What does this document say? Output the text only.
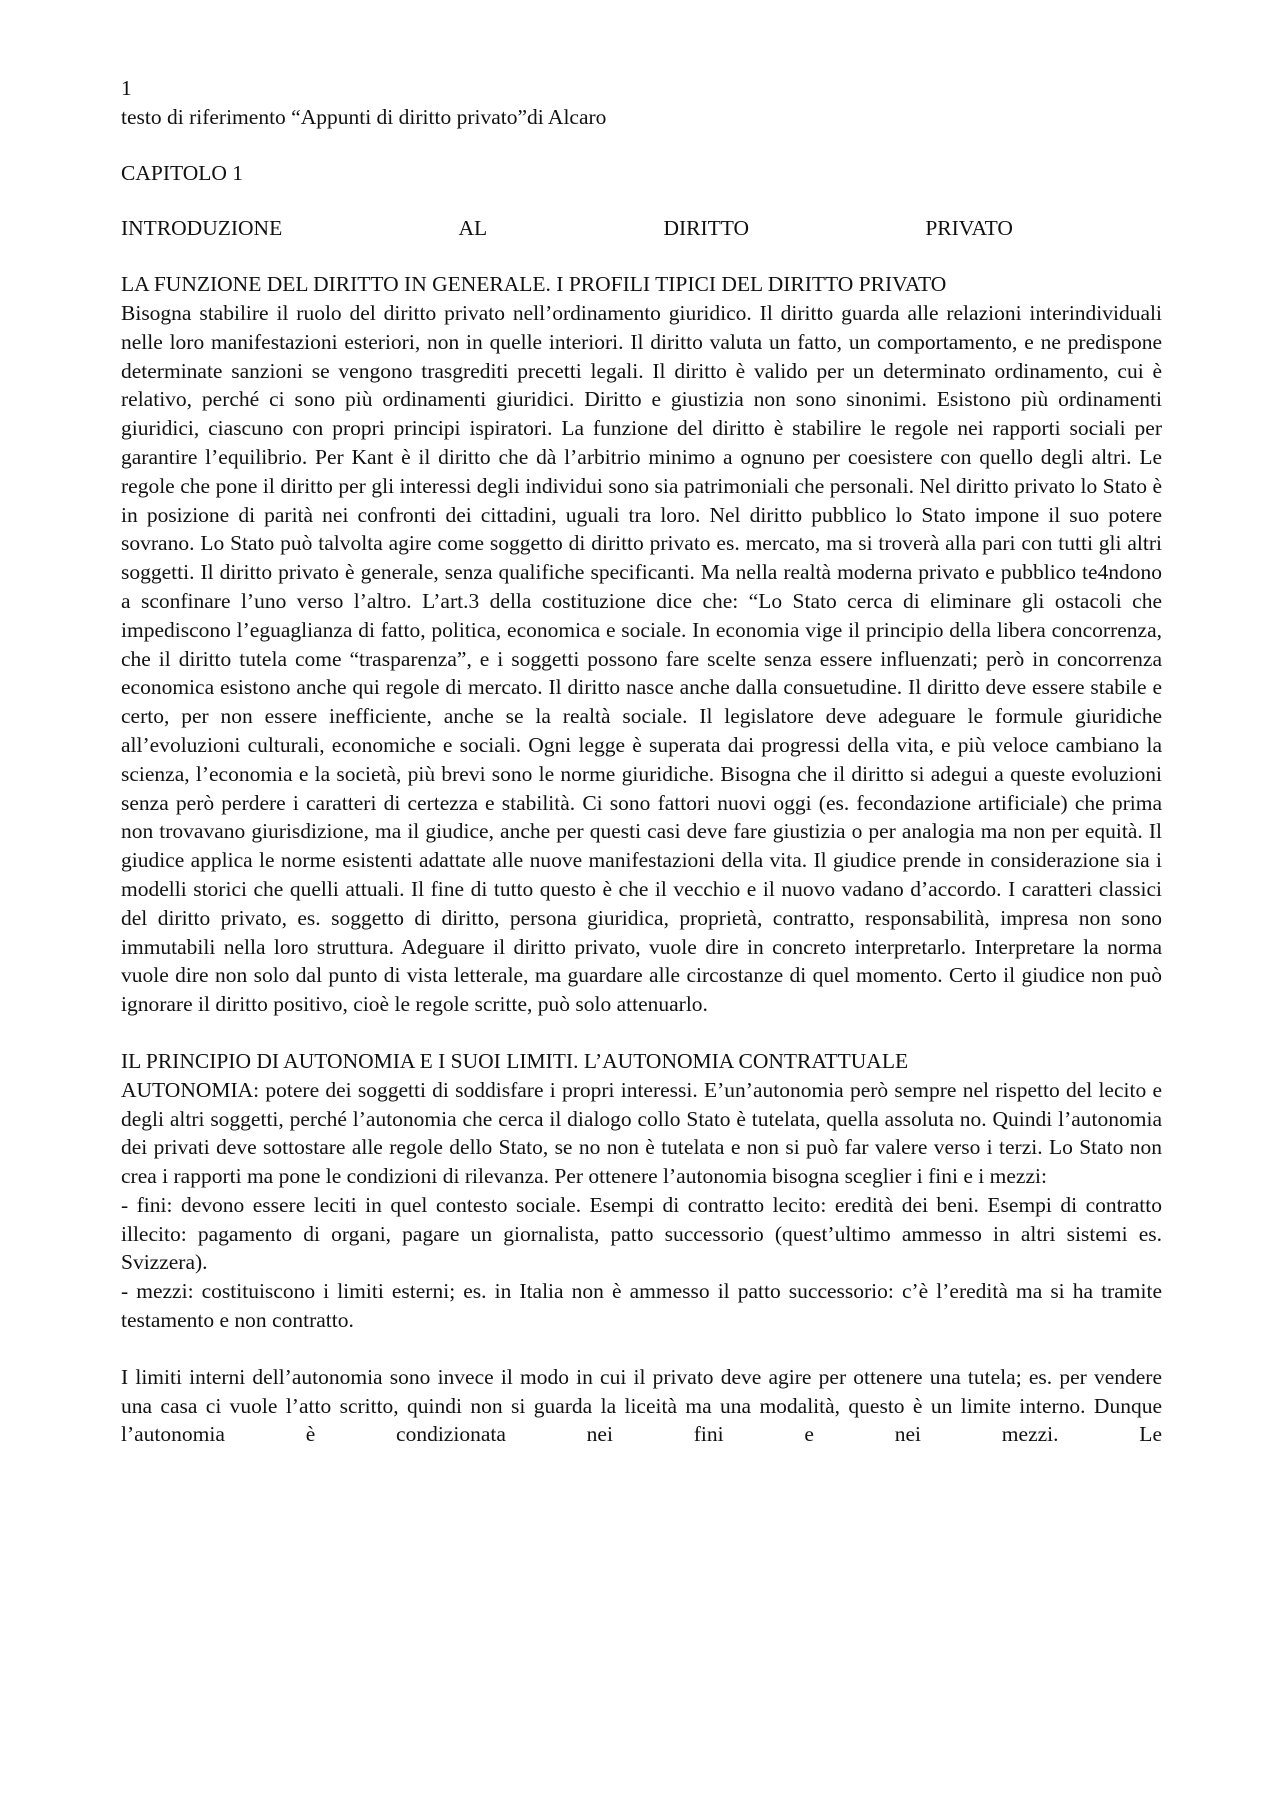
1

testo di riferimento “Appunti di diritto privato”di Alcaro

CAPITOLO 1

INTRODUZIONE	AL	DIRITTO	PRIVATO

LA FUNZIONE DEL DIRITTO IN GENERALE. I PROFILI TIPICI DEL DIRITTO PRIVATO

Bisogna stabilire il ruolo del diritto privato nell’ordinamento giuridico. Il diritto guarda alle relazioni interindividuali nelle loro manifestazioni esteriori, non in quelle interiori. Il diritto valuta un fatto, un comportamento, e ne predispone determinate sanzioni se vengono trasgrediti precetti legali. Il diritto è valido per un determinato ordinamento, cui è relativo, perché ci sono più ordinamenti giuridici. Diritto e giustizia non sono sinonimi. Esistono più ordinamenti giuridici, ciascuno con propri principi ispiratori. La funzione del diritto è stabilire le regole nei rapporti sociali per garantire l’equilibrio. Per Kant è il diritto che dà l’arbitrio minimo a ognuno per coesistere con quello degli altri. Le regole che pone il diritto per gli interessi degli individui sono sia patrimoniali che personali. Nel diritto privato lo Stato è in posizione di parità nei confronti dei cittadini, uguali tra loro. Nel diritto pubblico lo Stato impone il suo potere sovrano. Lo Stato può talvolta agire come soggetto di diritto privato es. mercato, ma si troverà alla pari con tutti gli altri soggetti. Il diritto privato è generale, senza qualifiche specificanti. Ma nella realtà moderna privato e pubblico te4ndono a sconfinare l’uno verso l’altro. L’art.3 della costituzione dice che: “Lo Stato cerca di eliminare gli ostacoli che impediscono l’eguaglianza di fatto, politica, economica e sociale. In economia vige il principio della libera concorrenza, che il diritto tutela come “trasparenza”, e i soggetti possono fare scelte senza essere influenzati; però in concorrenza economica esistono anche qui regole di mercato. Il diritto nasce anche dalla consuetudine. Il diritto deve essere stabile e certo, per non essere inefficiente, anche se la realtà sociale. Il legislatore deve adeguare le formule giuridiche all’evoluzioni culturali, economiche e sociali. Ogni legge è superata dai progressi della vita, e più veloce cambiano la scienza, l’economia e la società, più brevi sono le norme giuridiche. Bisogna che il diritto si adegui a queste evoluzioni senza però perdere i caratteri di certezza e stabilità. Ci sono fattori nuovi oggi (es. fecondazione artificiale) che prima non trovavano giurisdizione, ma il giudice, anche per questi casi deve fare giustizia o per analogia ma non per equità. Il giudice applica le norme esistenti adattate alle nuove manifestazioni della vita. Il giudice prende in considerazione sia i modelli storici che quelli attuali. Il fine di tutto questo è che il vecchio e il nuovo vadano d’accordo. I caratteri classici del diritto privato, es. soggetto di diritto, persona giuridica, proprietà, contratto, responsabilità, impresa non sono immutabili nella loro struttura. Adeguare il diritto privato, vuole dire in concreto interpretarlo. Interpretare la norma vuole dire non solo dal punto di vista letterale, ma guardare alle circostanze di quel momento. Certo il giudice non può ignorare il diritto positivo, cioè le regole scritte, può solo attenuarlo.

IL PRINCIPIO DI AUTONOMIA E I SUOI LIMITI. L’AUTONOMIA CONTRATTUALE

AUTONOMIA: potere dei soggetti di soddisfare i propri interessi. E’un’autonomia però sempre nel rispetto del lecito e degli altri soggetti, perché l’autonomia che cerca il dialogo collo Stato è tutelata, quella assoluta no. Quindi l’autonomia dei privati deve sottostare alle regole dello Stato, se no non è tutelata e non si può far valere verso i terzi. Lo Stato non crea i rapporti ma pone le condizioni di rilevanza. Per ottenere l’autonomia bisogna sceglier i fini e i mezzi:

- fini: devono essere leciti in quel contesto sociale. Esempi di contratto lecito: eredità dei beni. Esempi di contratto illecito: pagamento di organi, pagare un giornalista, patto successorio (quest’ultimo ammesso in altri sistemi es. Svizzera).

- mezzi: costituiscono i limiti esterni; es. in Italia non è ammesso il patto successorio: c’è l’eredità ma si ha tramite testamento e non contratto.

I limiti interni dell’autonomia sono invece il modo in cui il privato deve agire per ottenere una tutela; es. per vendere una casa ci vuole l’atto scritto, quindi non si guarda la liceità ma una modalità, questo è un limite interno. Dunque l’autonomia è condizionata nei fini e nei mezzi. Le
